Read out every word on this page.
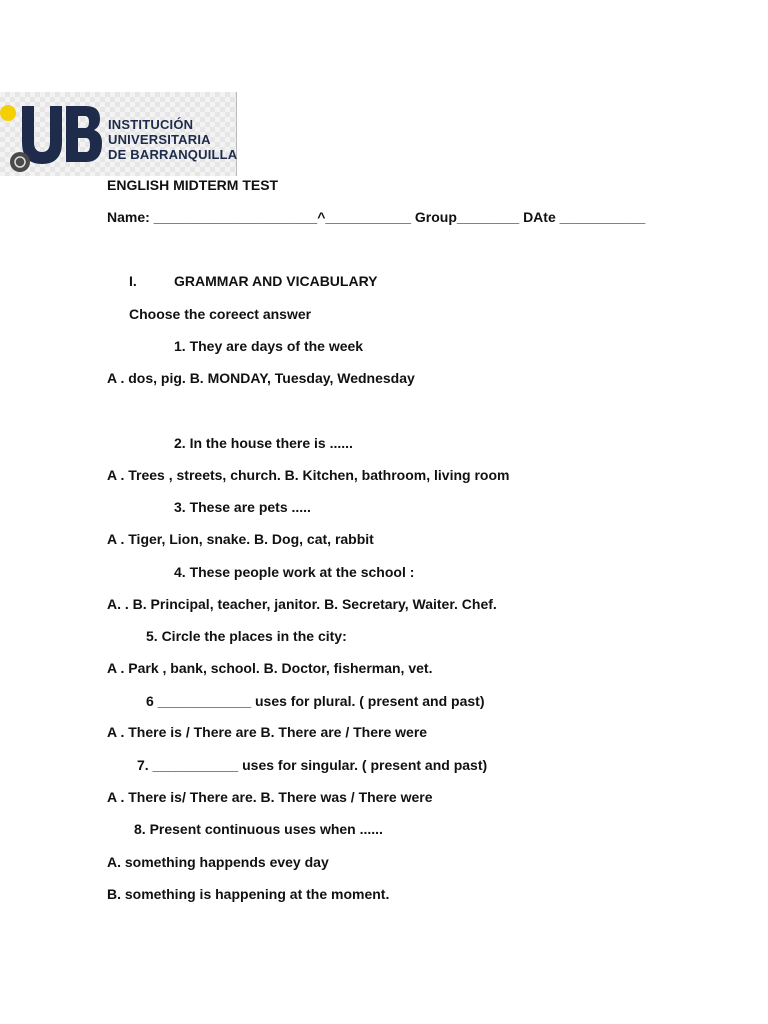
INSTITUCIÓN
UNIVERSITARIA
DE BARRANQUILLA
ENGLISH MIDTERM TEST
Name: _____________________^___________ Group________ DAte ___________
I.	GRAMMAR AND VICABULARY
Choose the coreect answer
1. They are days of the week
A . dos, pig. B. MONDAY, Tuesday, Wednesday
2. In the house there is ......
A . Trees , streets, church. B. Kitchen, bathroom, living room
3. These are pets .....
A . Tiger, Lion, snake. B. Dog, cat, rabbit
4. These people work at the school :
A. . B. Principal, teacher, janitor. B. Secretary, Waiter. Chef.
5. Circle the places in the city:
A . Park , bank, school. B. Doctor, fisherman, vet.
6 ____________ uses for plural. ( present and past)
A . There is / There are B. There are / There were
7. ___________ uses for singular. ( present and past)
A . There is/ There are. B. There was / There were
8. Present continuous uses when ......
A. something happends evey day
B. something is happening at the moment.
